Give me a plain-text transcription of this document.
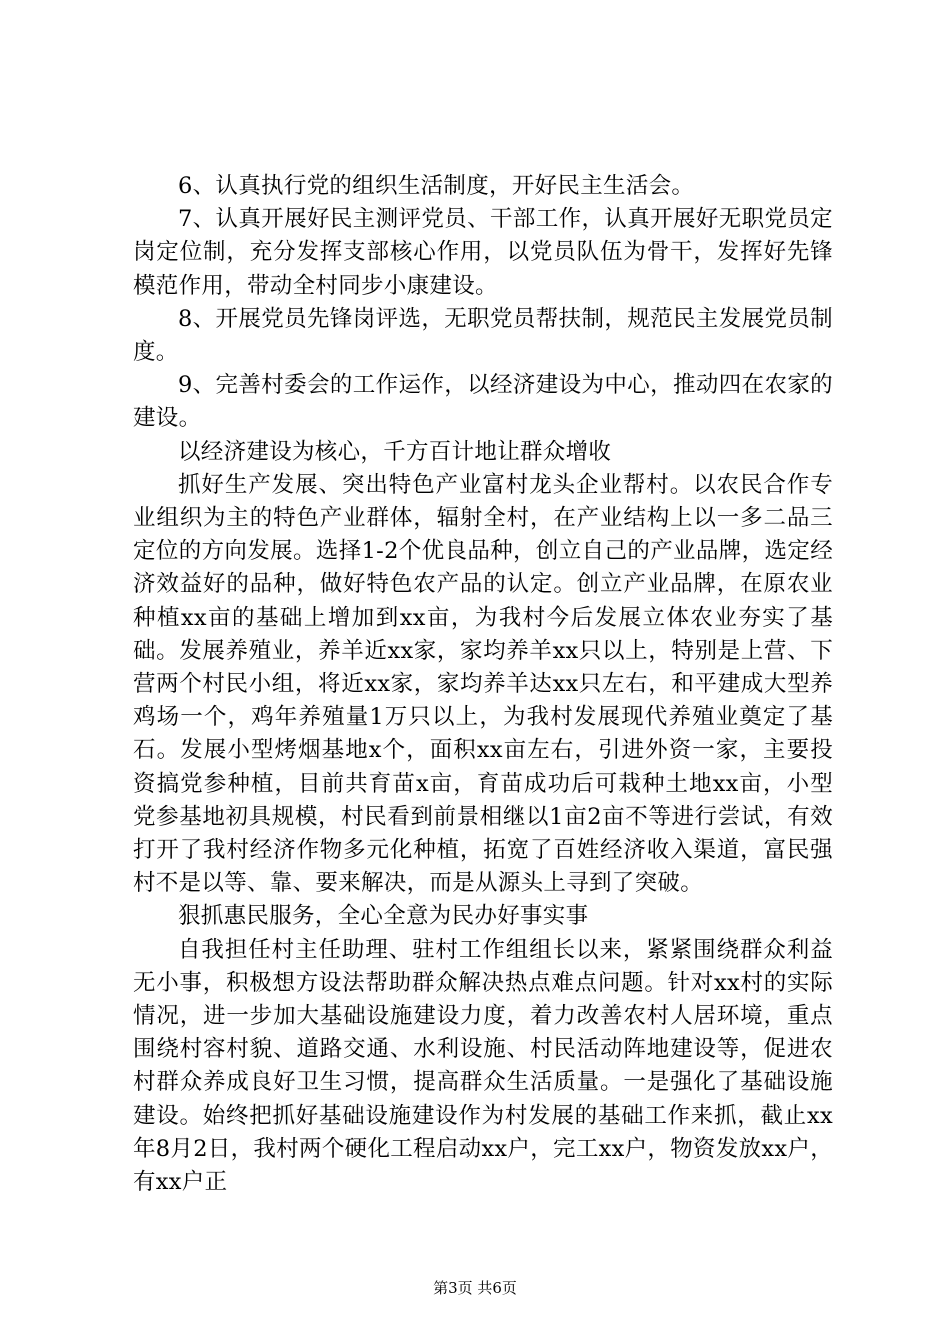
6、认真执行党的组织生活制度，开好民主生活会。

7、认真开展好民主测评党员、干部工作，认真开展好无职党员定岗定位制，充分发挥支部核心作用，以党员队伍为骨干，发挥好先锋模范作用，带动全村同步小康建设。

8、开展党员先锋岗评选，无职党员帮扶制，规范民主发展党员制度。

9、完善村委会的工作运作，以经济建设为中心，推动四在农家的建设。

以经济建设为核心，千方百计地让群众增收

抓好生产发展、突出特色产业富村龙头企业帮村。以农民合作专业组织为主的特色产业群体，辐射全村，在产业结构上以一多二品三定位的方向发展。选择1-2个优良品种，创立自己的产业品牌，选定经济效益好的品种，做好特色农产品的认定。创立产业品牌，在原农业种植xx亩的基础上增加到xx亩，为我村今后发展立体农业夯实了基础。发展养殖业，养羊近xx家，家均养羊xx只以上，特别是上营、下营两个村民小组，将近xx家，家均养羊达xx只左右，和平建成大型养鸡场一个，鸡年养殖量1万只以上，为我村发展现代养殖业奠定了基石。发展小型烤烟基地x个，面积xx亩左右，引进外资一家，主要投资搞党参种植，目前共育苗x亩，育苗成功后可栽种土地xx亩，小型党参基地初具规模，村民看到前景相继以1亩2亩不等进行尝试，有效打开了我村经济作物多元化种植，拓宽了百姓经济收入渠道，富民强村不是以等、靠、要来解决，而是从源头上寻到了突破。

狠抓惠民服务，全心全意为民办好事实事

自我担任村主任助理、驻村工作组组长以来，紧紧围绕群众利益无小事，积极想方设法帮助群众解决热点难点问题。针对xx村的实际情况，进一步加大基础设施建设力度，着力改善农村人居环境，重点围绕村容村貌、道路交通、水利设施、村民活动阵地建设等，促进农村群众养成良好卫生习惯，提高群众生活质量。一是强化了基础设施建设。始终把抓好基础设施建设作为村发展的基础工作来抓，截止xx年8月2日，我村两个硬化工程启动xx户，完工xx户，物资发放xx户，有xx户正

第3页 共6页
